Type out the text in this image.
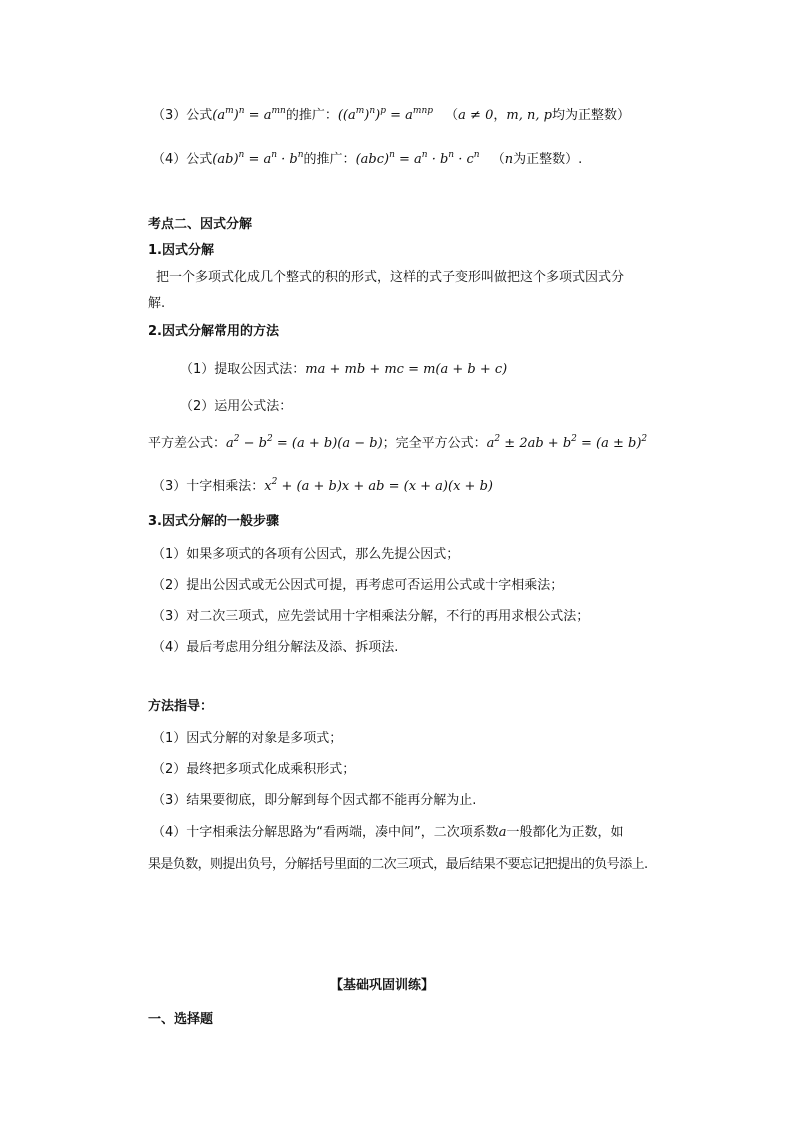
（3）公式$(a^m)^n = a^{mn}$的推广：$((a^m)^n)^p = a^{mnp}$ （a ≠ 0，m, n, p均为正整数）
（4）公式$(ab)^n = a^n \cdot b^n$的推广：$(abc)^n = a^n \cdot b^n \cdot c^n$ （n为正整数）.
考点二、因式分解
1.因式分解
把一个多项式化成几个整式的积的形式，这样的式子变形叫做把这个多项式因式分
解.
2.因式分解常用的方法
（1）提取公因式法：ma + mb + mc = m(a + b + c)
（2）运用公式法：
平方差公式：$a^2 - b^2 = (a + b)(a - b)$；完全平方公式：$a^2 \pm 2ab + b^2 = (a \pm b)^2$
（3）十字相乘法：$x^2 + (a + b)x$ + ab = (x + a)(x + b)
3.因式分解的一般步骤
（1）如果多项式的各项有公因式，那么先提公因式；
（2）提出公因式或无公因式可提，再考虑可否运用公式或十字相乘法；
（3）对二次三项式，应先尝试用十字相乘法分解，不行的再用求根公式法；
（4）最后考虑用分组分解法及添、拆项法.
方法指导：
（1）因式分解的对象是多项式；
（2）最终把多项式化成乘积形式；
（3）结果要彻底，即分解到每个因式都不能再分解为止.
（4）十字相乘法分解思路为“看两端，凑中间”，二次项系数a一般都化为正数，如
果是负数，则提出负号，分解括号里面的二次三项式，最后结果不要忘记把提出的负号添上.
【基础巩固训练】
一、选择题
